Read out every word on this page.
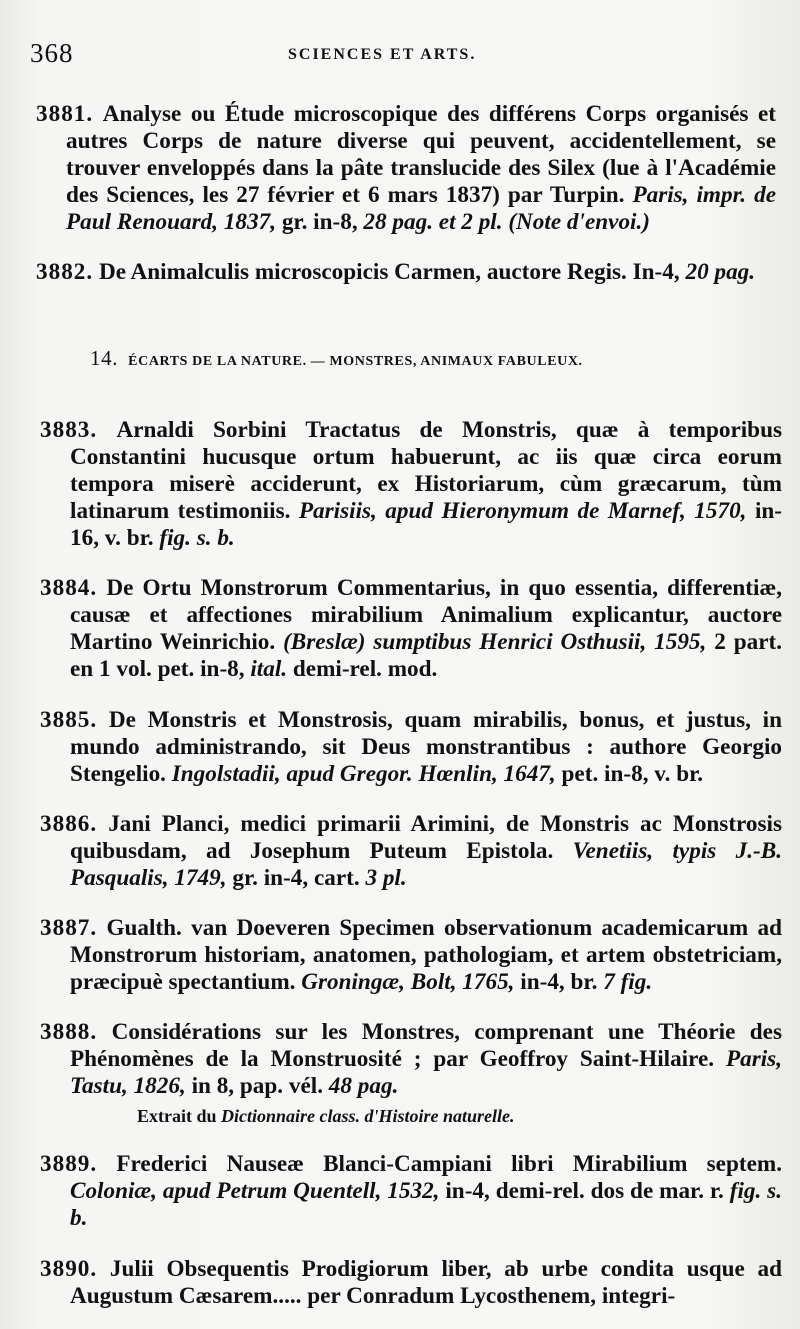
368	SCIENCES ET ARTS.

3881. Analyse ou Étude microscopique des différens Corps organisés et autres Corps de nature diverse qui peuvent, accidentellement, se trouver enveloppés dans la pâte translucide des Silex (lue à l'Académie des Sciences, les 27 février et 6 mars 1837) par Turpin. Paris, impr. de Paul Renouard, 1837, gr. in-8, 28 pag. et 2 pl. (Note d'envoi.)

3882. De Animalculis microscopicis Carmen, auctore Regis. In-4, 20 pag.

14. ÉCARTS DE LA NATURE. — MONSTRES, ANIMAUX FABULEUX.

3883. Arnaldi Sorbini Tractatus de Monstris, quæ à temporibus Constantini hucusque ortum habuerunt, ac iis quæ circa eorum tempora miserè acciderunt, ex Historiarum, cùm græcarum, tùm latinarum testimoniis. Parisiis, apud Hieronymum de Marnef, 1570, in-16, v. br. fig. s. b.

3884. De Ortu Monstrorum Commentarius, in quo essentia, differentiæ, causæ et affectiones mirabilium Animalium explicantur, auctore Martino Weinrichio. (Breslæ) sumptibus Henrici Osthusii, 1595, 2 part. en 1 vol. pet. in-8, ital. demi-rel. mod.

3885. De Monstris et Monstrosis, quam mirabilis, bonus, et justus, in mundo administrando, sit Deus monstrantibus : authore Georgio Stengelio. Ingolstadii, apud Gregor. Hœnlin, 1647, pet. in-8, v. br.

3886. Jani Planci, medici primarii Arimini, de Monstris ac Monstrosis quibusdam, ad Josephum Puteum Epistola. Venetiis, typis J.-B. Pasqualis, 1749, gr. in-4, cart. 3 pl.

3887. Gualth. van Doeveren Specimen observationum academicarum ad Monstrorum historiam, anatomen, pathologiam, et artem obstetriciam, præcipuè spectantium. Groningæ, Bolt, 1765, in-4, br. 7 fig.

3888. Considérations sur les Monstres, comprenant une Théorie des Phénomènes de la Monstruosité ; par Geoffroy Saint-Hilaire. Paris, Tastu, 1826, in 8, pap. vél. 48 pag.

Extrait du Dictionnaire class. d'Histoire naturelle.

3889. Frederici Nauseæ Blanci-Campiani libri Mirabilium septem. Coloniæ, apud Petrum Quentell, 1532, in-4, demi-rel. dos de mar. r. fig. s. b.

3890. Julii Obsequentis Prodigiorum liber, ab urbe condita usque ad Augustum Cæsarem..... per Conradum Lycosthenem, integri-
